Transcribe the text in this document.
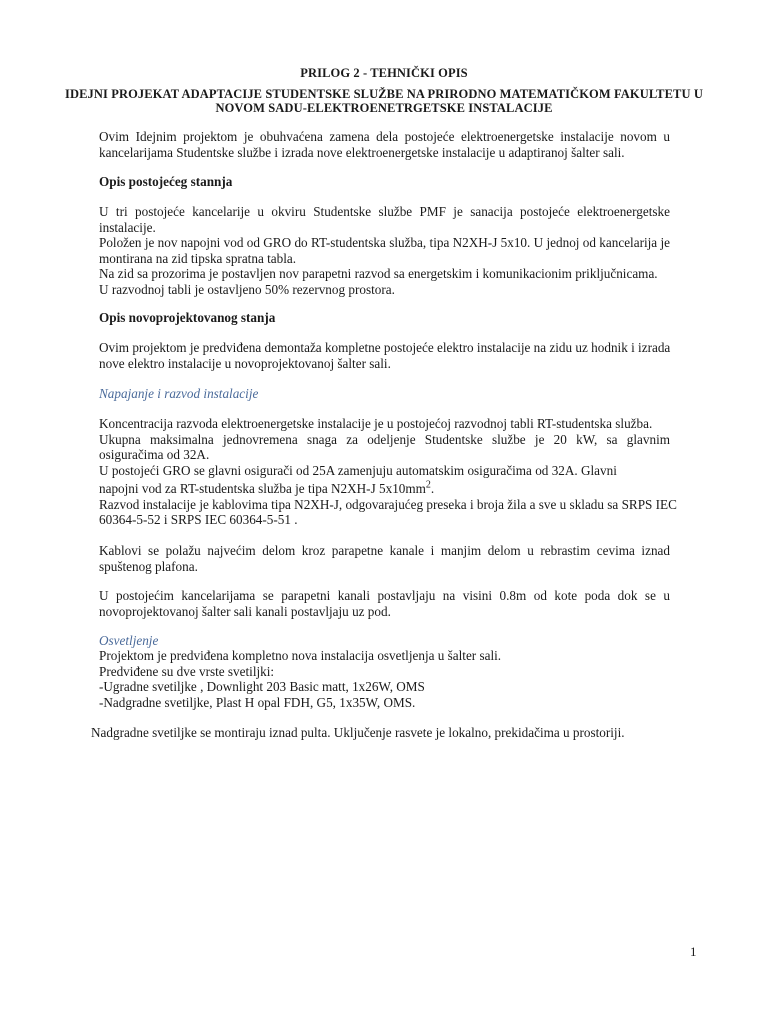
PRILOG 2 - TEHNIČKI OPIS
IDEJNI PROJEKAT ADAPTACIJE STUDENTSKE SLUŽBE NA PRIRODNO MATEMATIČKOM FAKULTETU U
NOVOM SADU-ELEKTROENETRGETSKE INSTALACIJE
Ovim Idejnim projektom je obuhvaćena zamena dela postojeće elektroenergetske instalacije novom u
kancelarijama Studentske službe i izrada nove elektroenergetske instalacije u adaptiranoj šalter sali.
Opis postojećeg stannja
U tri postojeće kancelarije u okviru Studentske službe PMF je sanacija postojeće elektroenergetske
instalacije.
Položen je nov napojni vod od GRO do RT-studentska služba, tipa N2XH-J 5x10. U jednoj od kancelarija je
montirana na zid tipska spratna tabla.
Na zid sa prozorima je postavljen nov parapetni razvod sa energetskim i komunikacionim priključnicama.
U razvodnoj tabli je ostavljeno 50% rezervnog prostora.
Opis novoprojektovanog stanja
Ovim projektom je predviđena demontaža kompletne postojeće elektro instalacije na zidu uz hodnik i izrada
nove elektro instalacije u novoprojektovanoj šalter sali.
Napajanje i razvod instalacije
Koncentracija razvoda elektroenergetske instalacije je u postojećoj razvodnoj tabli RT-studentska služba.
Ukupna maksimalna jednovremena snaga za odeljenje Studentske službe je 20 kW, sa glavnim
osiguračima od 32A.
U postojeći GRO se glavni osigurači od 25A zamenjuju automatskim osiguračima od 32A. Glavni
napojni vod za RT-studentska služba je tipa N2XH-J $5x10mm^2$.
Razvod instalacije je kablovima tipa N2XH-J, odgovarajućeg preseka i broja žila a sve u skladu sa SRPS IEC
60364-5-52 i SRPS IEC 60364-5-51 .
Kablovi se polažu najvećim delom kroz parapetne kanale i manjim delom u rebrastim cevima iznad
spuštenog plafona.
U postojećim kancelarijama se parapetni kanali postavljaju na visini 0.8m od kote poda dok se u
novoprojektovanoj šalter sali kanali postavljaju uz pod.
Osvetljenje
Projektom je predviđena kompletno nova instalacija osvetljenja u šalter sali.
Predviđene su dve vrste svetiljki:
-Ugradne svetiljke , Downlight 203 Basic matt, 1x26W, OMS
-Nadgradne svetiljke, Plast H opal FDH, G5, 1x35W, OMS.
Nadgradne svetiljke se montiraju iznad pulta. Uključenje rasvete je lokalno, prekidačima u prostoriji.
1
